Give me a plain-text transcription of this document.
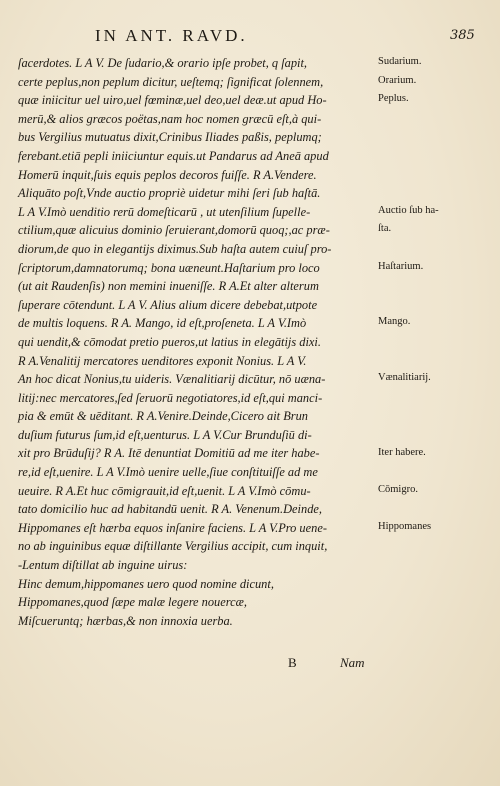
IN ANT. RAVD.	385
ſacerdotes. L A V. De ſudario,& orario ipſe probet, q ſapit,
certe peplus,non peplum dicitur, ueſtemq; ſignificat ſolennem,
quæ iniicitur uel uiro,uel fœminæ,uel deo,uel deæ.ut apud Ho-
merū,& alios græcos poëtas,nam hoc nomen græcū eſt,à qui-
bus Vergilius mutuatus dixit,Crinibus Iliades paßis, peplumq;
ferebant.etiā pepli iniiciuntur equis.ut Pandarus ad Aneā apud
Homerū inquit,ſuis equis peplos decoros fuiſſe. R A.Vendere.
Aliquāto poſt,Vnde auctio propriè uidetur mihi ſeri ſub haſtā.
L A V.Imò uenditio rerū domeſticarū , ut utenſilium ſupelle-
ctilium,quæ alicuius dominio ſeruierant,domorū quoq;,ac præ-
diorum,de quo in elegantijs diximus.Sub haſta autem cuiuſ pro-
ſcriptorum,damnatorumq; bona uæneunt.Haſtarium pro loco
(ut ait Raudenſis) non memini inueniſſe. R A.Et alter alterum
ſuperare cōtendunt. L A V. Alius alium dicere debebat,utpote
de multis loquens. R A. Mango, id eſt,proſeneta. L A V.Imò
qui uendit,& cōmodat pretio pueros,ut latius in elegātijs dixi.
R A.Venalitij mercatores uenditores exponit Nonius. L A V.
An hoc dicat Nonius,tu uideris. Vænalitiarij dicūtur, nō uæna-
litij:nec mercatores,ſed ſeruorū negotiatores,id eſt,qui manci-
pia & emūt & uēditant. R A.Venire.Deinde,Cicero ait Brun
duſium futurus ſum,id eſt,uenturus. L A V.Cur Brunduſiū di-
xit pro Brūduſij? R A. Itē denuntiat Domitiū ad me iter habe-
re,id eſt,uenire. L A V.Imò uenire uelle,ſiue conſtituiſſe ad me
ueuire. R A.Et huc cōmigrauit,id eſt,uenit. L A V.Imò cōmu-
tato domicilio huc ad habitandū uenit. R A. Venenum.Deinde,
Hippomanes eſt hærba equos inſanire faciens. L A V.Pro uene-
no ab inguinibus equæ diſtillante Vergilius accipit, cum inquit,
-Lentum diſtillat ab inguine uirus:
Hinc demum,hippomanes uero quod nomine dicunt,
Hippomanes,quod ſæpe malæ legere nouercæ,
Miſcueruntq; hærbas,& non innoxia uerba.
Sudarium.
Orarium.
Peplus.
Auctio ſub ha-
ſta.
Haſtarium.
Mango.
Vænalitiarij.
Iter habere.
Cōmigro.
Hippomanes
B	Nam
